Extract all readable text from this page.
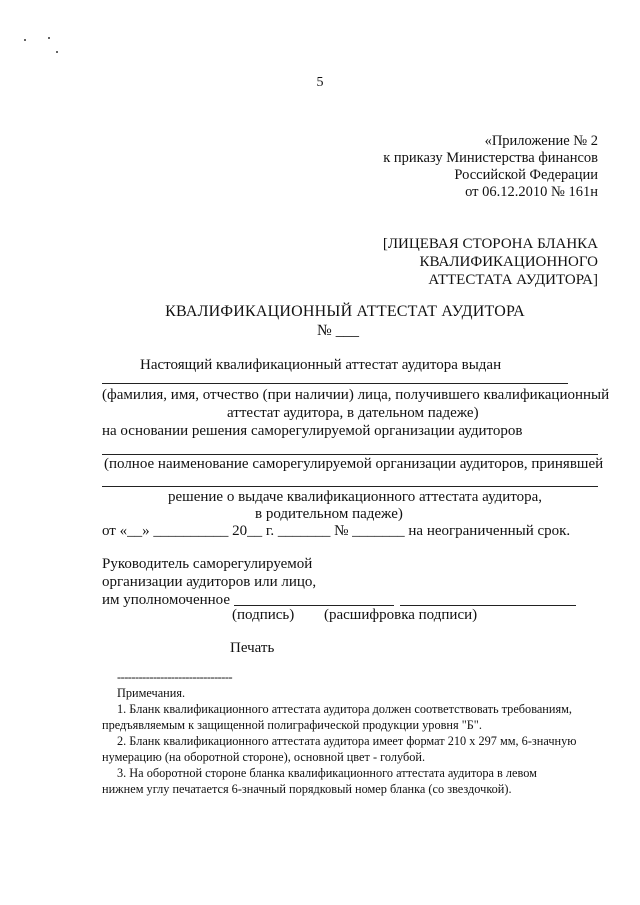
5
«Приложение № 2
к приказу Министерства финансов
Российской Федерации
от 06.12.2010 № 161н
[ЛИЦЕВАЯ СТОРОНА БЛАНКА
КВАЛИФИКАЦИОННОГО
АТТЕСТАТА АУДИТОРА]
КВАЛИФИКАЦИОННЫЙ АТТЕСТАТ АУДИТОРА
№ ___
Настоящий квалификационный аттестат аудитора выдан
(фамилия, имя, отчество (при наличии) лица, получившего квалификационный
аттестат аудитора, в дательном падеже)
на основании решения саморегулируемой организации аудиторов
(полное наименование саморегулируемой организации аудиторов, принявшей
решение о выдаче квалификационного аттестата аудитора,
в родительном падеже)
от «__» __________ 20__ г. _______ № _______ на неограниченный срок.
Руководитель саморегулируемой
организации аудиторов или лицо,
им уполномоченное
(подпись) (расшифровка подписи)
Печать
--------------------------------
Примечания.
1. Бланк квалификационного аттестата аудитора должен соответствовать требованиям,
предъявляемым к защищенной полиграфической продукции уровня "Б".
2. Бланк квалификационного аттестата аудитора имеет формат 210 х 297 мм, 6-значную
нумерацию (на оборотной стороне), основной цвет - голубой.
3. На оборотной стороне бланка квалификационного аттестата аудитора в левом
нижнем углу печатается 6-значный порядковый номер бланка (со звездочкой).
